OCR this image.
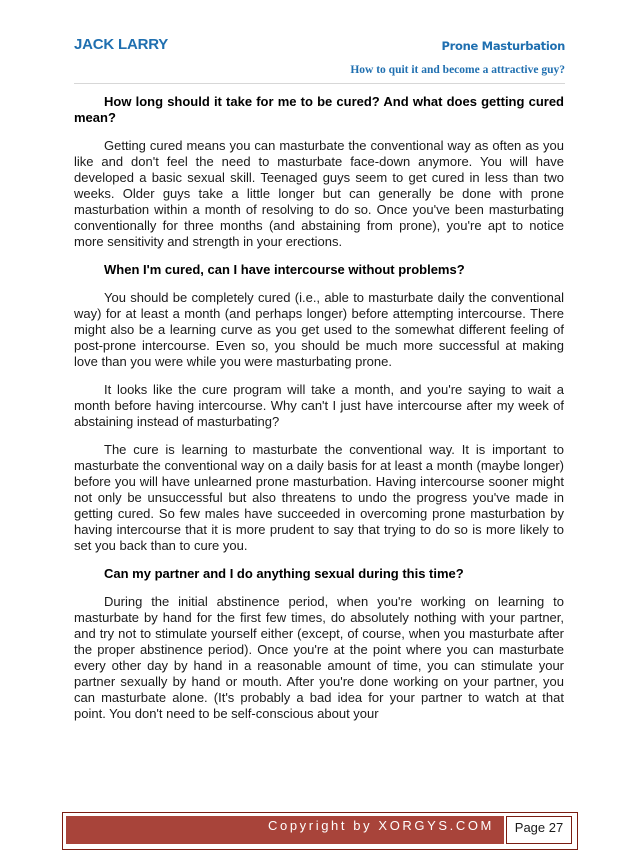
JACK LARRY	Prone Masturbation
How to quit it and become a attractive guy?
How long should it take for me to be cured? And what does getting cured mean?
Getting cured means you can masturbate the conventional way as often as you like and don't feel the need to masturbate face-down anymore. You will have developed a basic sexual skill. Teenaged guys seem to get cured in less than two weeks. Older guys take a little longer but can generally be done with prone masturbation within a month of resolving to do so. Once you've been masturbating conventionally for three months (and abstaining from prone), you're apt to notice more sensitivity and strength in your erections.
When I'm cured, can I have intercourse without problems?
You should be completely cured (i.e., able to masturbate daily the conventional way) for at least a month (and perhaps longer) before attempting intercourse. There might also be a learning curve as you get used to the somewhat different feeling of post-prone intercourse. Even so, you should be much more successful at making love than you were while you were masturbating prone.
It looks like the cure program will take a month, and you're saying to wait a month before having intercourse. Why can't I just have intercourse after my week of abstaining instead of masturbating?
The cure is learning to masturbate the conventional way. It is important to masturbate the conventional way on a daily basis for at least a month (maybe longer) before you will have unlearned prone masturbation. Having intercourse sooner might not only be unsuccessful but also threatens to undo the progress you've made in getting cured. So few males have succeeded in overcoming prone masturbation by having intercourse that it is more prudent to say that trying to do so is more likely to set you back than to cure you.
Can my partner and I do anything sexual during this time?
During the initial abstinence period, when you're working on learning to masturbate by hand for the first few times, do absolutely nothing with your partner, and try not to stimulate yourself either (except, of course, when you masturbate after the proper abstinence period). Once you're at the point where you can masturbate every other day by hand in a reasonable amount of time, you can stimulate your partner sexually by hand or mouth. After you're done working on your partner, you can masturbate alone. (It's probably a bad idea for your partner to watch at that point. You don't need to be self-conscious about your
Copyright by XORGYS.COM	Page 27
